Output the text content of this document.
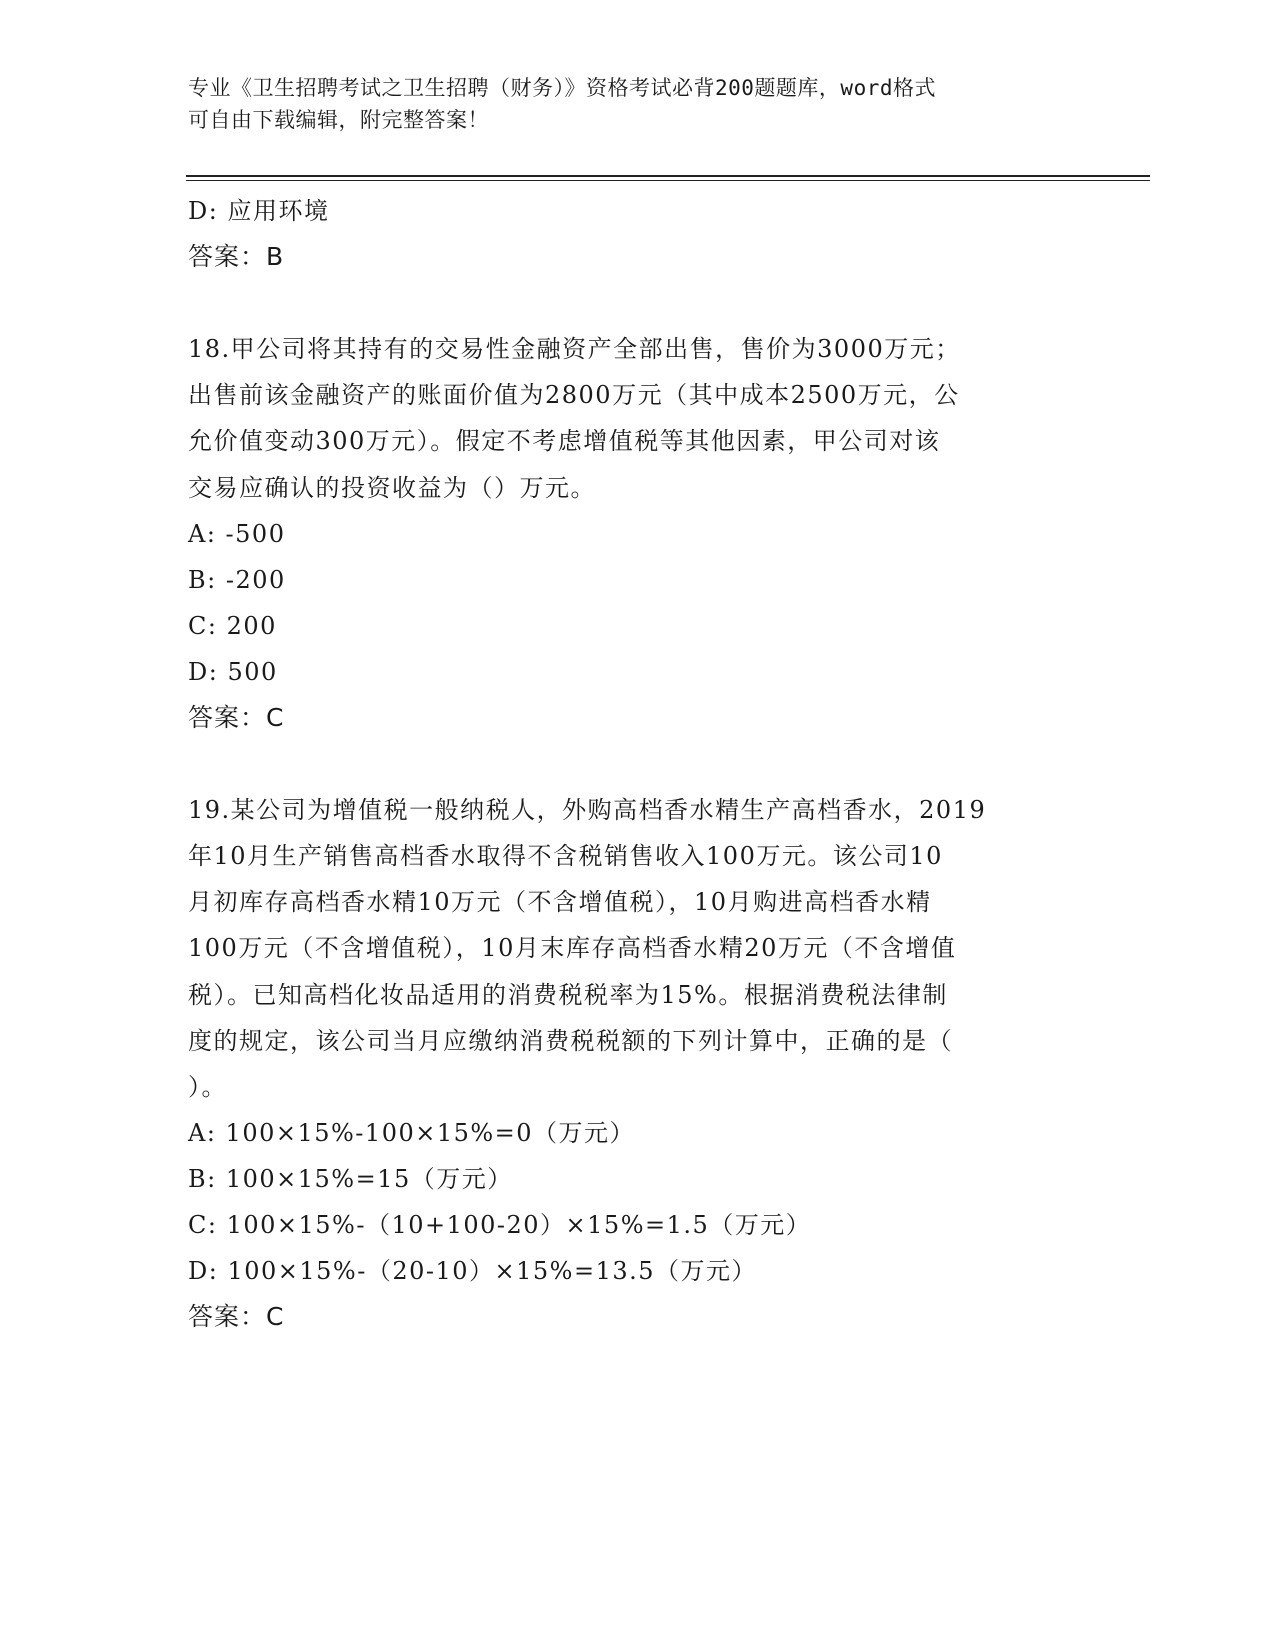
专业《卫生招聘考试之卫生招聘（财务）》资格考试必背200题题库，word格式
可自由下载编辑，附完整答案！
D: 应用环境
答案：B
18.甲公司将其持有的交易性金融资产全部出售，售价为3000万元；
出售前该金融资产的账面价值为2800万元（其中成本2500万元，公
允价值变动300万元）。假定不考虑增值税等其他因素，甲公司对该
交易应确认的投资收益为（）万元。
A: -500
B: -200
C: 200
D: 500
答案：C
19.某公司为增值税一般纳税人，外购高档香水精生产高档香水，2019
年10月生产销售高档香水取得不含税销售收入100万元。该公司10
月初库存高档香水精10万元（不含增值税），10月购进高档香水精
100万元（不含增值税），10月末库存高档香水精20万元（不含增值
税）。已知高档化妆品适用的消费税税率为15%。根据消费税法律制
度的规定，该公司当月应缴纳消费税税额的下列计算中，正确的是（
）。
A: 100×15%-100×15%=0（万元）
B: 100×15%=15（万元）
C: 100×15%-（10+100-20）×15%=1.5（万元）
D: 100×15%-（20-10）×15%=13.5（万元）
答案：C
